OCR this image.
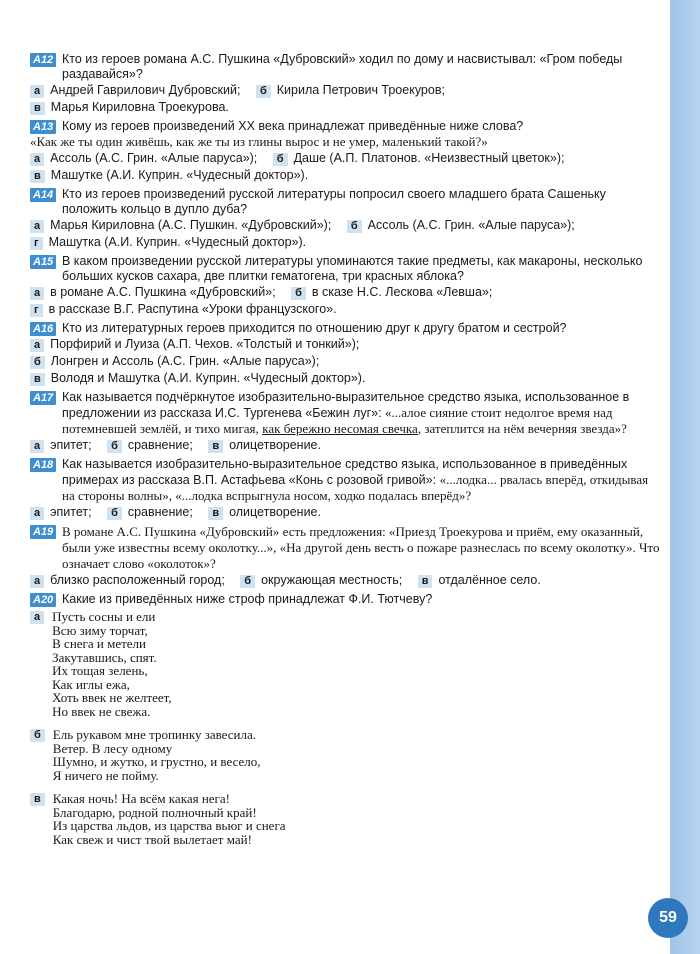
А12 Кто из героев романа А.С. Пушкина «Дубровский» ходил по дому и насвистывал: «Гром победы раздавайся»?
а Андрей Гаврилович Дубровский; б Кирила Петрович Троекуров; в Марья Кириловна Троекурова.
А13 Кому из героев произведений XX века принадлежат приведённые ниже слова?
«Как же ты один живёшь, как же ты из глины вырос и не умер, маленький такой?»
а Ассоль (А.С. Грин. «Алые паруса»); б Даше (А.П. Платонов. «Неизвестный цветок»);
в Машутке (А.И. Куприн. «Чудесный доктор»).
А14 Кто из героев произведений русской литературы попросил своего младшего брата Сашеньку положить кольцо в дупло дуба?
а Марья Кириловна (А.С. Пушкин. «Дубровский»); б Ассоль (А.С. Грин. «Алые паруса»);
г Машутка (А.И. Куприн. «Чудесный доктор»).
А15 В каком произведении русской литературы упоминаются такие предметы, как макароны, несколько больших кусков сахара, две плитки гематогена, три красных яблока?
а в романе А.С. Пушкина «Дубровский»; б в сказе Н.С. Лескова «Левша»;
г в рассказе В.Г. Распутина «Уроки французского».
А16 Кто из литературных героев приходится по отношению друг к другу братом и сестрой?
а Порфирий и Луиза (А.П. Чехов. «Толстый и тонкий»);
б Лонгрен и Ассоль (А.С. Грин. «Алые паруса»);
в Володя и Машутка (А.И. Куприн. «Чудесный доктор»).
А17 Как называется подчёркнутое изобразительно-выразительное средство языка, использованное в предложении из рассказа И.С. Тургенева «Бежин луг»: «...алое сияние стоит недолгое время над потемневшей землёй, и тихо мигая, как бережно несомая свечка, затеплится на нём вечерняя звезда»?
а эпитет; б сравнение; в олицетворение.
А18 Как называется изобразительно-выразительное средство языка, использованное в приведённых примерах из рассказа В.П. Астафьева «Конь с розовой гривой»: «...лодка... рвалась вперёд, откидывая на стороны волны», «...лодка вспрыгнула носом, ходко подалась вперёд»?
а эпитет; б сравнение; в олицетворение.
А19 В романе А.С. Пушкина «Дубровский» есть предложения: «Приезд Троекурова и приём, ему оказанный, были уже известны всему околотку...», «На другой день весть о пожаре разнеслась по всему околотку». Что означает слово «околоток»?
а близко расположенный город; б окружающая местность; в отдалённое село.
А20 Какие из приведённых ниже строф принадлежат Ф.И. Тютчеву?
а Пусть сосны и ели
Всю зиму торчат,
В снега и метели
Закутавшись, спят.
Их тощая зелень,
Как иглы ежа,
Хоть ввек не желтеет,
Но ввек не свежа.
б Ель рукавом мне тропинку завесила.
Ветер. В лесу одному
Шумно, и жутко, и грустно, и весело,
Я ничего не пойму.
в Какая ночь! На всём какая нега!
Благодарю, родной полночный край!
Из царства льдов, из царства вьюг и снега
Как свеж и чист твой вылетает май!
59
